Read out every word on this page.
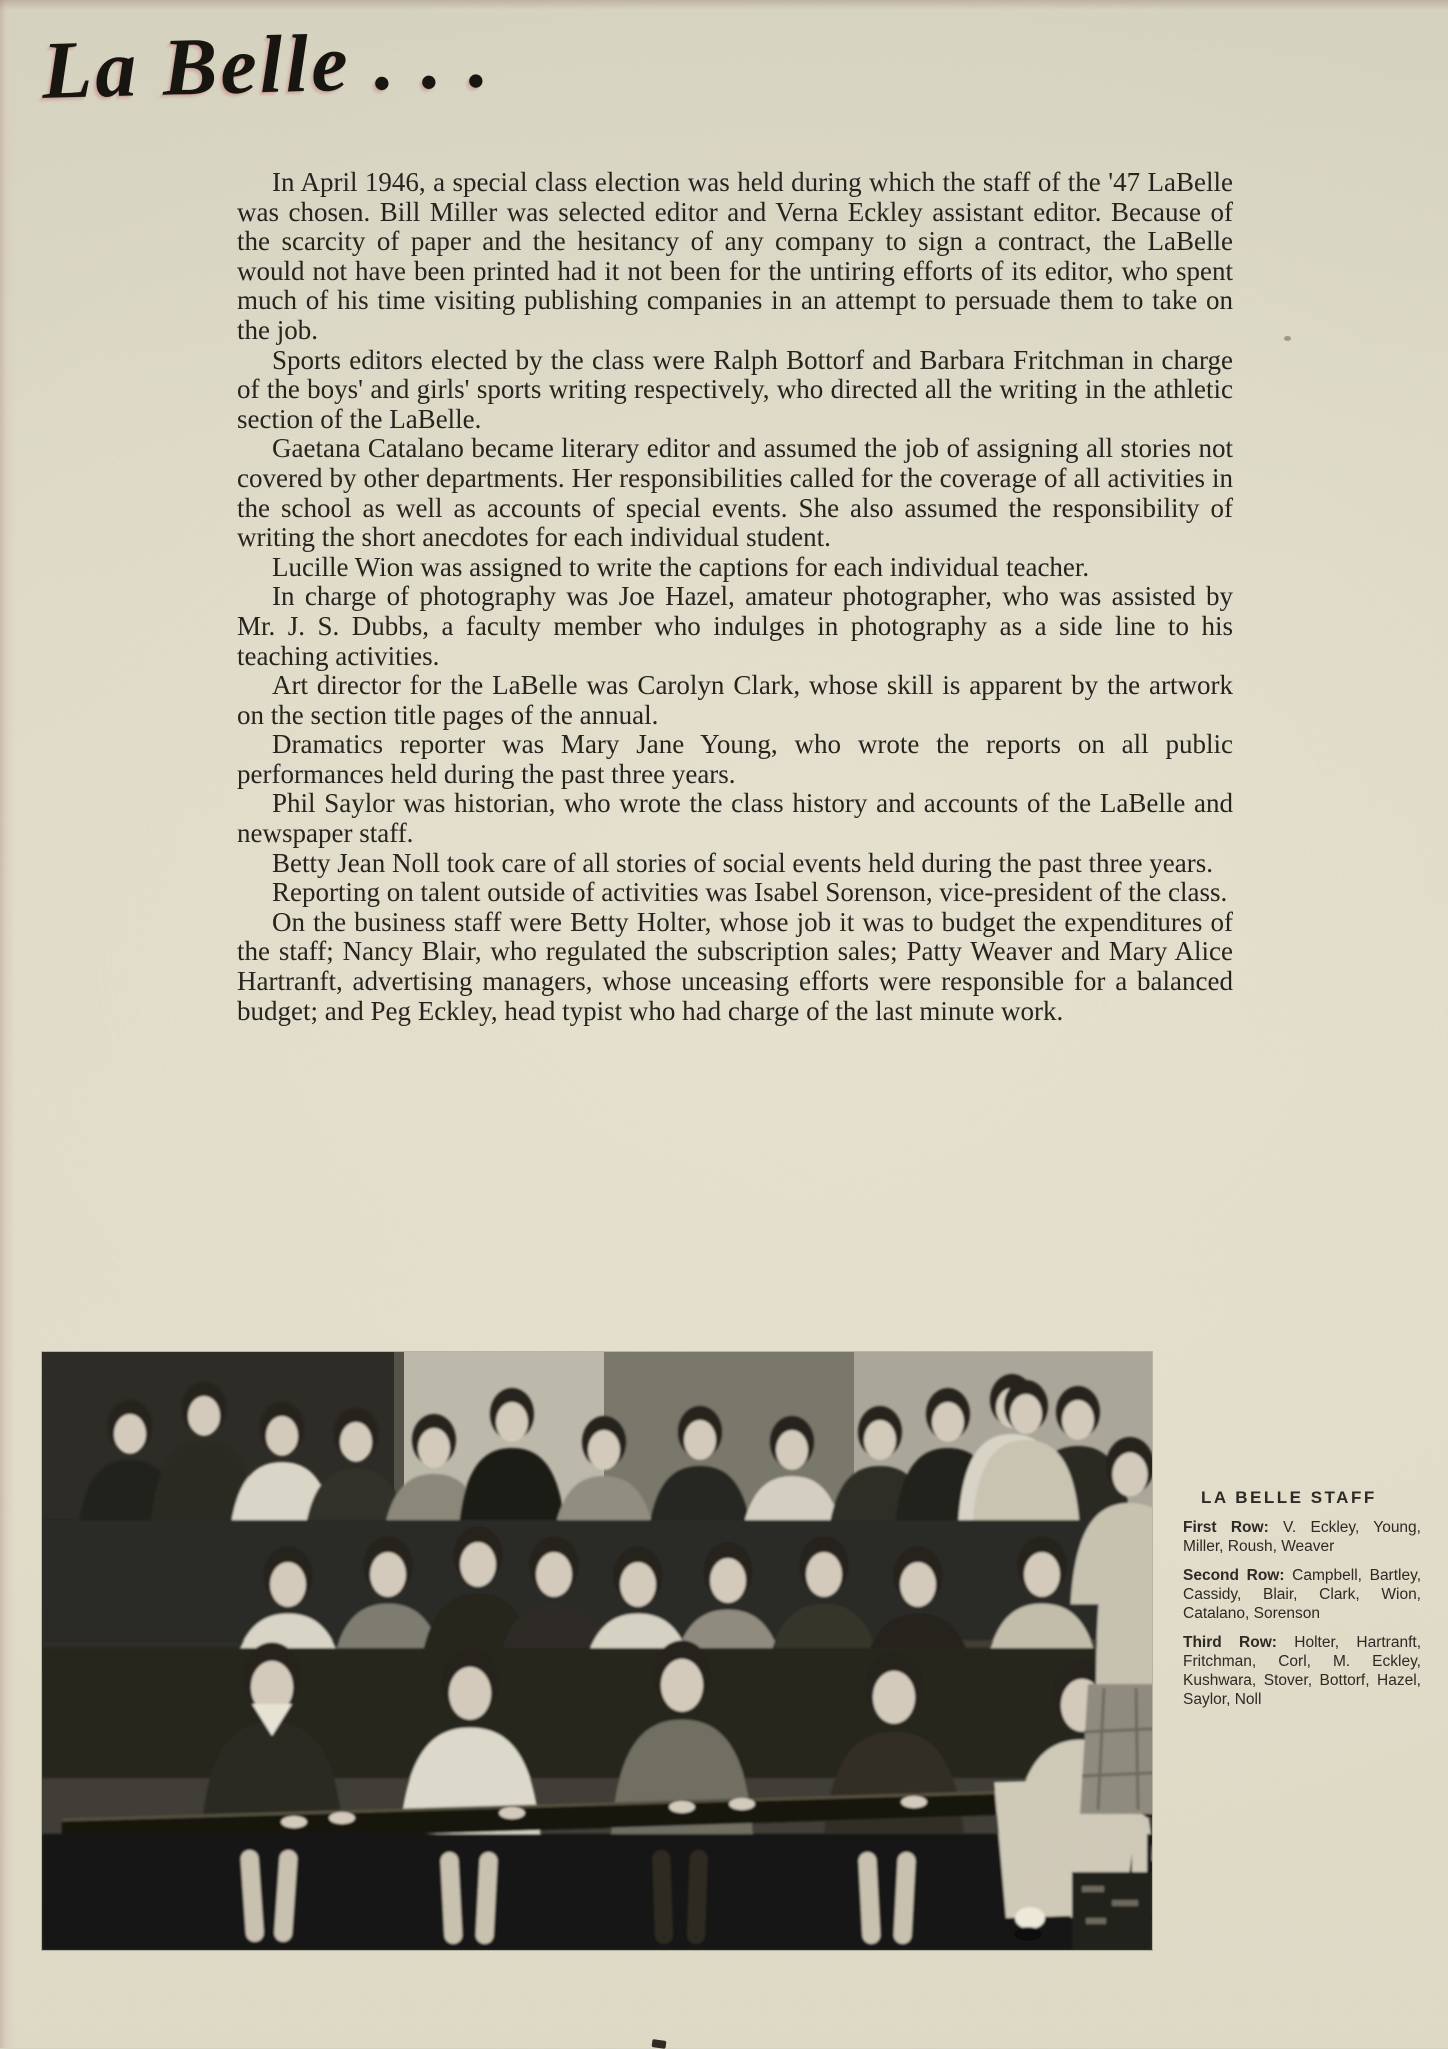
La Belle . . .

In April 1946, a special class election was held during which the staff of the '47 LaBelle was chosen. Bill Miller was selected editor and Verna Eckley assistant editor. Because of the scarcity of paper and the hesitancy of any company to sign a contract, the LaBelle would not have been printed had it not been for the untiring efforts of its editor, who spent much of his time visiting publishing companies in an attempt to persuade them to take on the job.

Sports editors elected by the class were Ralph Bottorf and Barbara Fritchman in charge of the boys' and girls' sports writing respectively, who directed all the writing in the athletic section of the LaBelle.

Gaetana Catalano became literary editor and assumed the job of assigning all stories not covered by other departments. Her responsibilities called for the coverage of all activities in the school as well as accounts of special events. She also assumed the responsibility of writing the short anecdotes for each individual student.

Lucille Wion was assigned to write the captions for each individual teacher.

In charge of photography was Joe Hazel, amateur photographer, who was assisted by Mr. J. S. Dubbs, a faculty member who indulges in photography as a side line to his teaching activities.

Art director for the LaBelle was Carolyn Clark, whose skill is apparent by the artwork on the section title pages of the annual.

Dramatics reporter was Mary Jane Young, who wrote the reports on all public performances held during the past three years.

Phil Saylor was historian, who wrote the class history and accounts of the LaBelle and newspaper staff.

Betty Jean Noll took care of all stories of social events held during the past three years.

Reporting on talent outside of activities was Isabel Sorenson, vice-president of the class.

On the business staff were Betty Holter, whose job it was to budget the expenditures of the staff; Nancy Blair, who regulated the subscription sales; Patty Weaver and Mary Alice Hartranft, advertising managers, whose unceasing efforts were responsible for a balanced budget; and Peg Eckley, head typist who had charge of the last minute work.

LA BELLE STAFF

First Row: V. Eckley, Young, Miller, Roush, Weaver

Second Row: Campbell, Bartley, Cassidy, Blair, Clark, Wion, Catalano, Sorenson

Third Row: Holter, Hartranft, Fritchman, Corl, M. Eckley, Kushwara, Stover, Bottorf, Hazel, Saylor, Noll
